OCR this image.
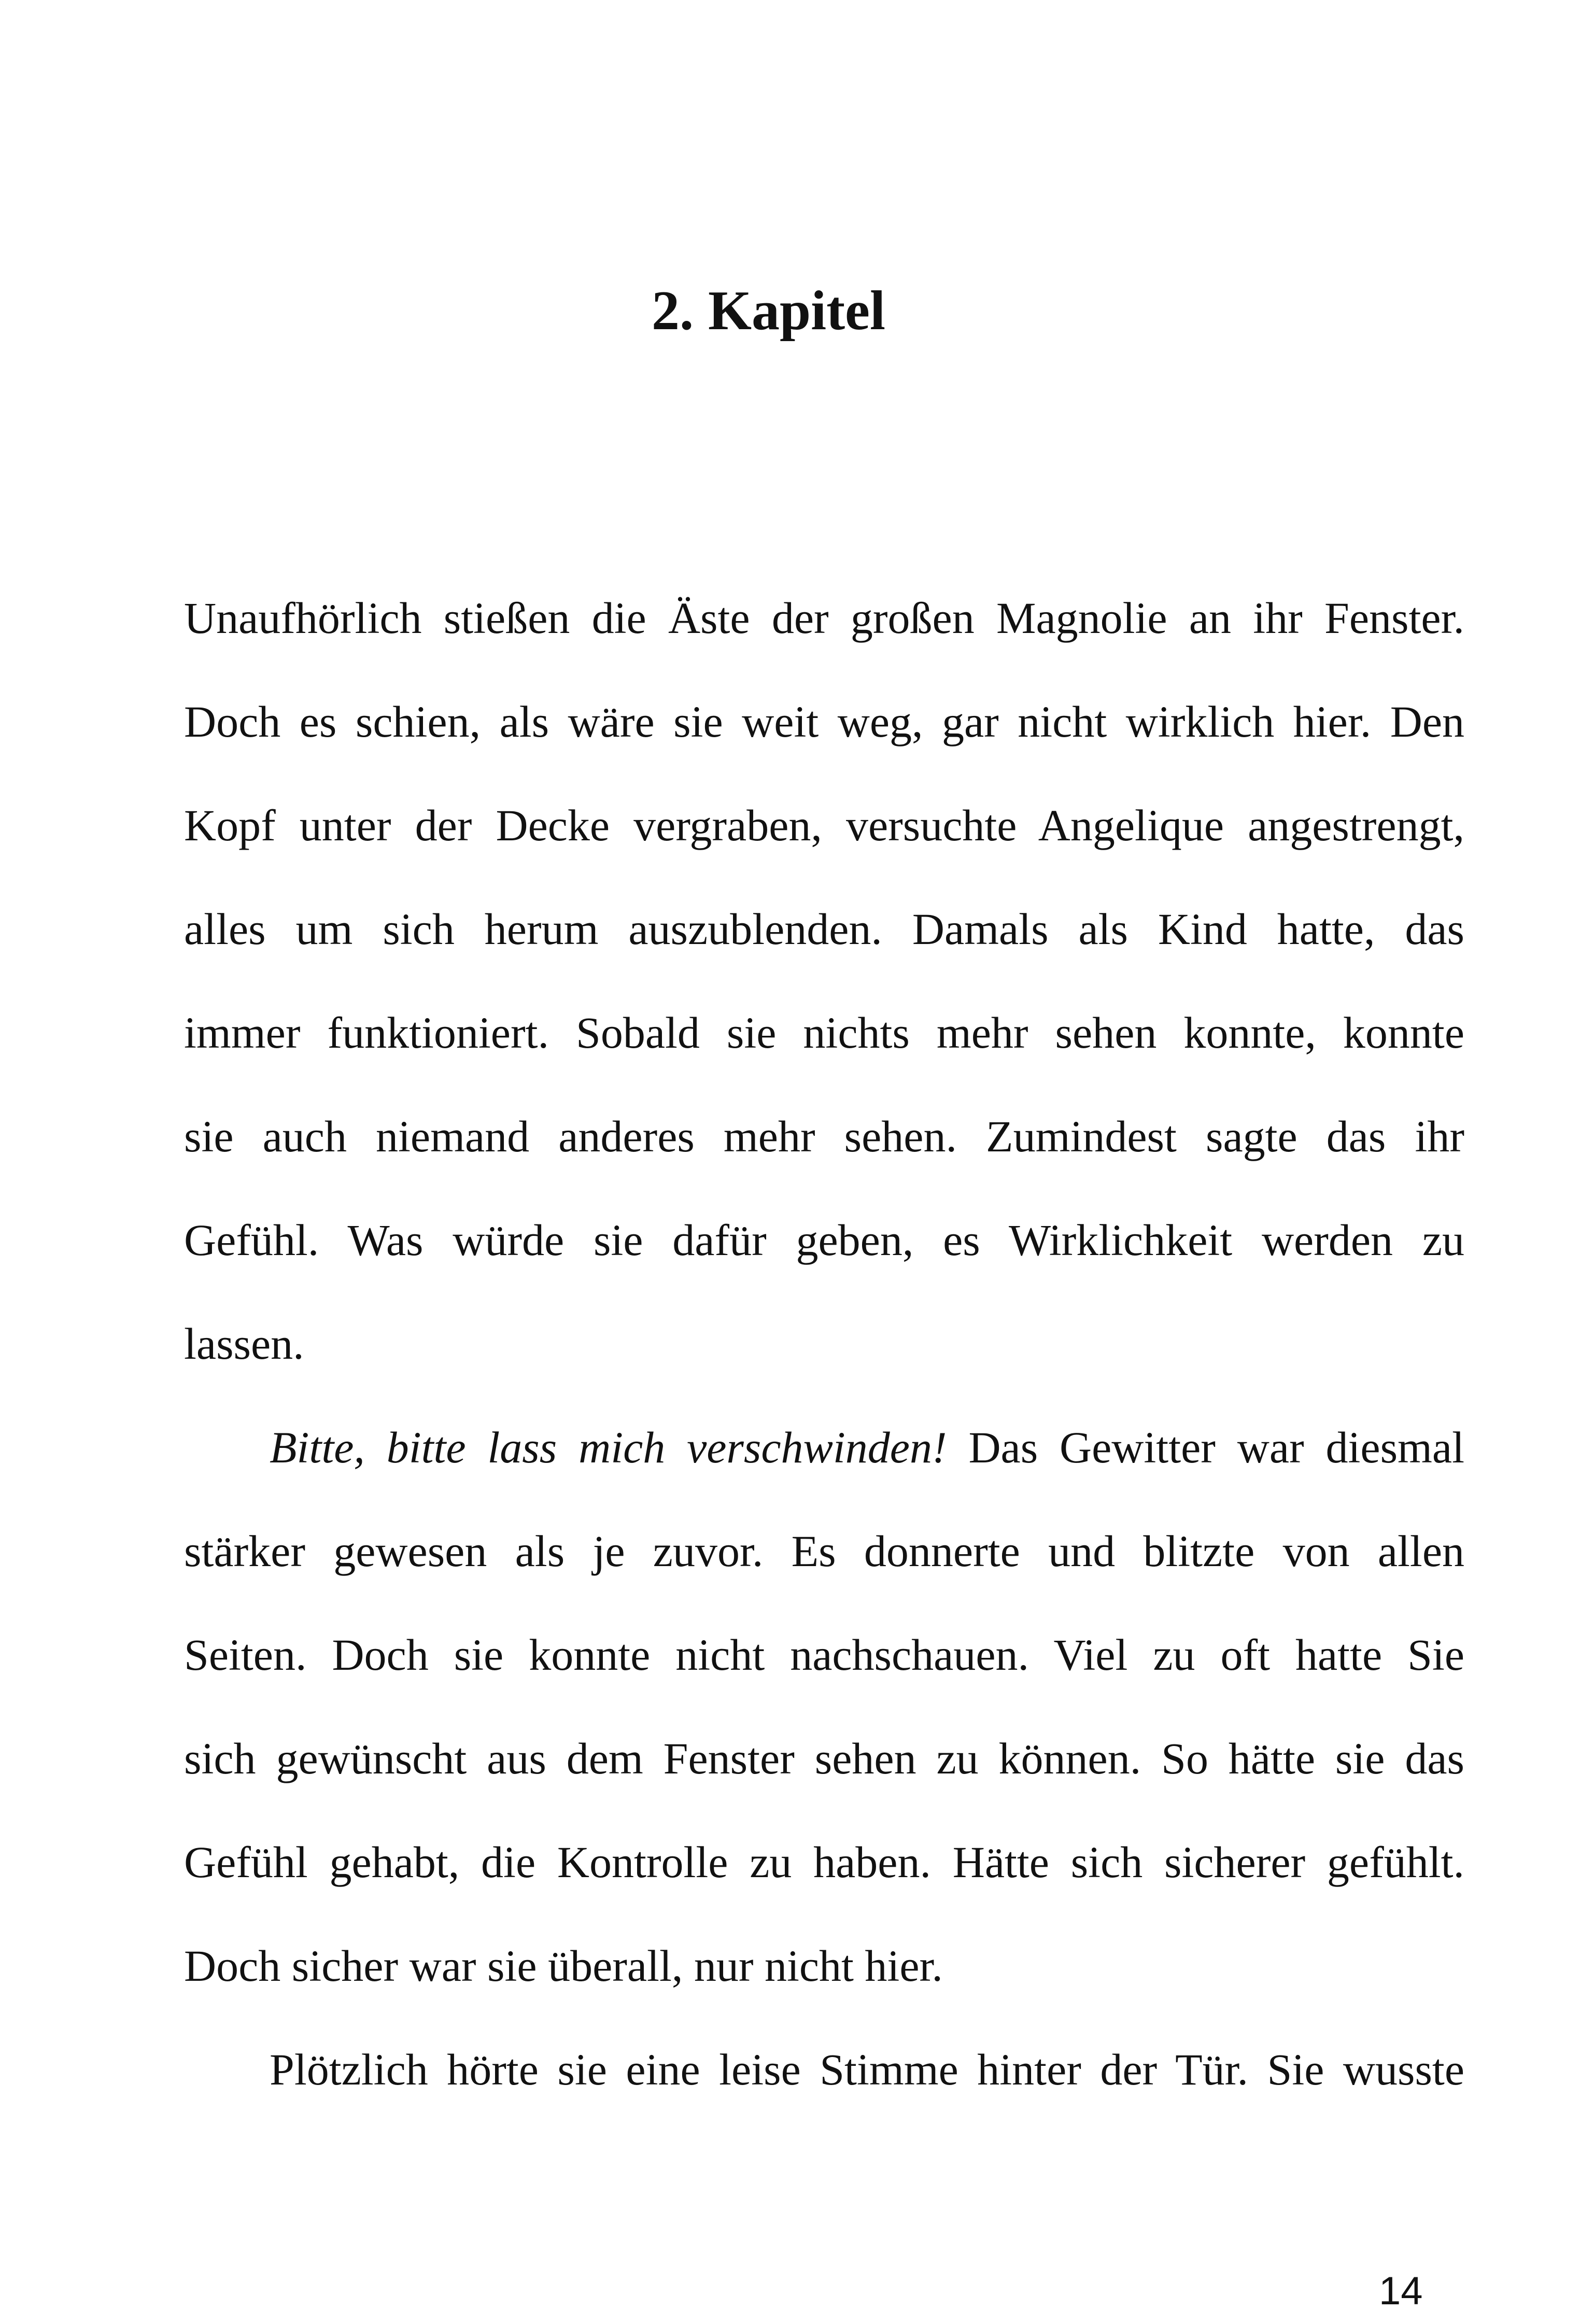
2. Kapitel
Unaufhörlich stießen die Äste der großen Magnolie an ihr Fenster.
Doch es schien, als wäre sie weit weg, gar nicht wirklich hier. Den
Kopf unter der Decke vergraben, versuchte Angelique angestrengt,
alles um sich herum auszublenden. Damals als Kind hatte, das
immer funktioniert. Sobald sie nichts mehr sehen konnte, konnte
sie auch niemand anderes mehr sehen. Zumindest sagte das ihr
Gefühl. Was würde sie dafür geben, es Wirklichkeit werden zu
lassen.
Bitte, bitte lass mich verschwinden! Das Gewitter war diesmal
stärker gewesen als je zuvor. Es donnerte und blitzte von allen
Seiten. Doch sie konnte nicht nachschauen. Viel zu oft hatte Sie
sich gewünscht aus dem Fenster sehen zu können. So hätte sie das
Gefühl gehabt, die Kontrolle zu haben. Hätte sich sicherer gefühlt.
Doch sicher war sie überall, nur nicht hier.
Plötzlich hörte sie eine leise Stimme hinter der Tür. Sie wusste
14
